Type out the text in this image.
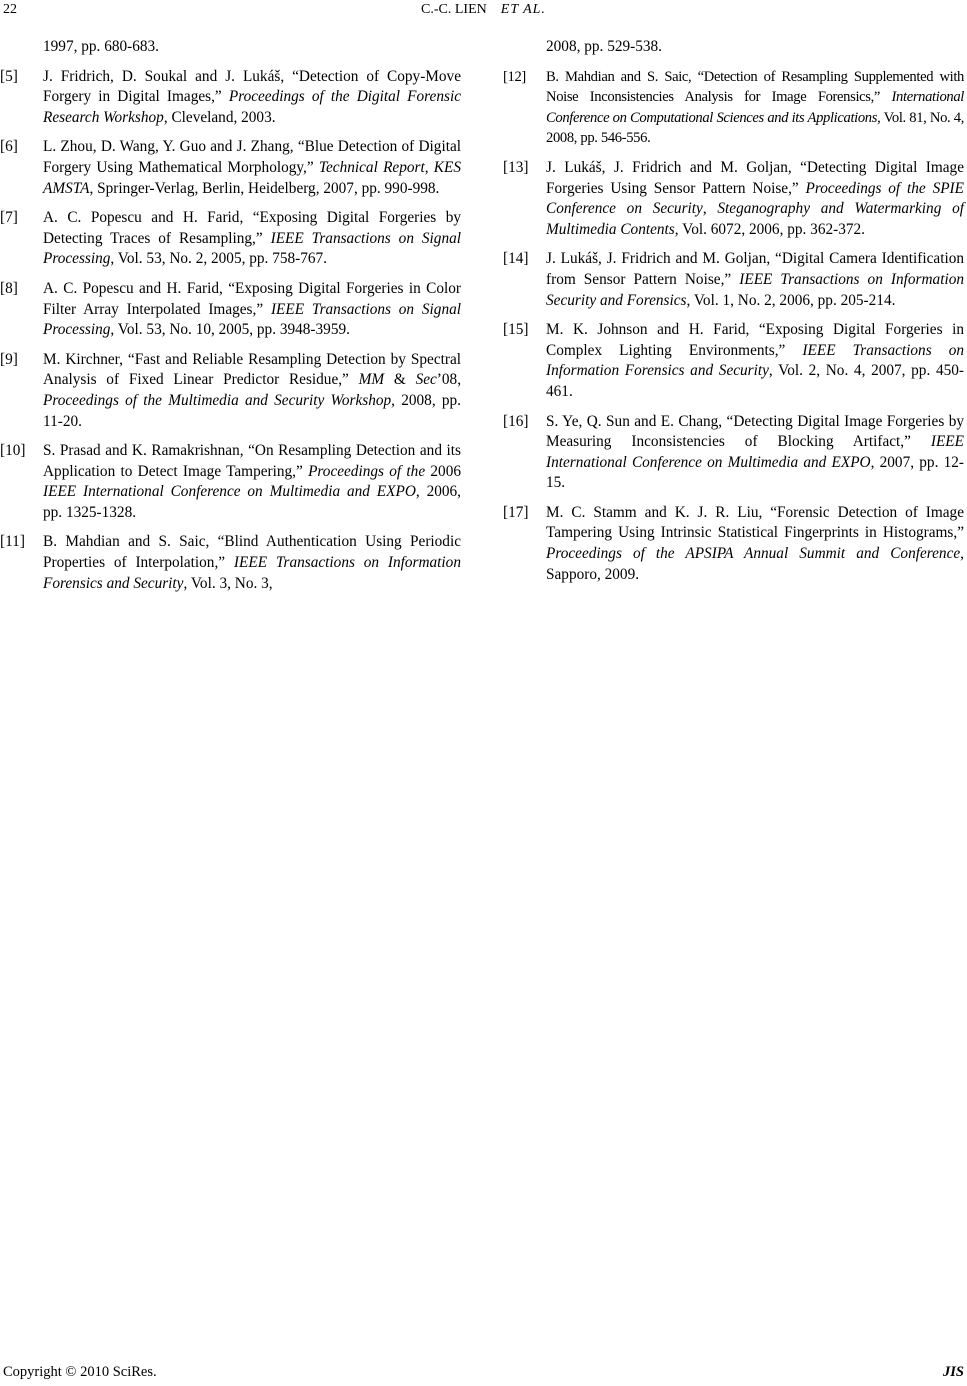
22	C.-C. LIEN ET AL.
1997, pp. 680-683.
[5] J. Fridrich, D. Soukal and J. Lukáš, “Detection of Copy-Move Forgery in Digital Images,” Proceedings of the Digital Forensic Research Workshop, Cleveland, 2003.
[6] L. Zhou, D. Wang, Y. Guo and J. Zhang, “Blue Detection of Digital Forgery Using Mathematical Morphology,” Technical Report, KES AMSTA, Springer-Verlag, Berlin, Heidelberg, 2007, pp. 990-998.
[7] A. C. Popescu and H. Farid, “Exposing Digital Forgeries by Detecting Traces of Resampling,” IEEE Transactions on Signal Processing, Vol. 53, No. 2, 2005, pp. 758-767.
[8] A. C. Popescu and H. Farid, “Exposing Digital Forgeries in Color Filter Array Interpolated Images,” IEEE Transactions on Signal Processing, Vol. 53, No. 10, 2005, pp. 3948-3959.
[9] M. Kirchner, “Fast and Reliable Resampling Detection by Spectral Analysis of Fixed Linear Predictor Residue,” MM & Sec’08, Proceedings of the Multimedia and Security Workshop, 2008, pp. 11-20.
[10] S. Prasad and K. Ramakrishnan, “On Resampling Detection and its Application to Detect Image Tampering,” Proceedings of the 2006 IEEE International Conference on Multimedia and EXPO, 2006, pp. 1325-1328.
[11] B. Mahdian and S. Saic, “Blind Authentication Using Periodic Properties of Interpolation,” IEEE Transactions on Information Forensics and Security, Vol. 3, No. 3,
2008, pp. 529-538.
[12] B. Mahdian and S. Saic, “Detection of Resampling Supplemented with Noise Inconsistencies Analysis for Image Forensics,” International Conference on Computational Sciences and its Applications, Vol. 81, No. 4, 2008, pp. 546-556.
[13] J. Lukáš, J. Fridrich and M. Goljan, “Detecting Digital Image Forgeries Using Sensor Pattern Noise,” Proceedings of the SPIE Conference on Security, Steganography and Watermarking of Multimedia Contents, Vol. 6072, 2006, pp. 362-372.
[14] J. Lukáš, J. Fridrich and M. Goljan, “Digital Camera Identification from Sensor Pattern Noise,” IEEE Transactions on Information Security and Forensics, Vol. 1, No. 2, 2006, pp. 205-214.
[15] M. K. Johnson and H. Farid, “Exposing Digital Forgeries in Complex Lighting Environments,” IEEE Transactions on Information Forensics and Security, Vol. 2, No. 4, 2007, pp. 450-461.
[16] S. Ye, Q. Sun and E. Chang, “Detecting Digital Image Forgeries by Measuring Inconsistencies of Blocking Artifact,” IEEE International Conference on Multimedia and EXPO, 2007, pp. 12-15.
[17] M. C. Stamm and K. J. R. Liu, “Forensic Detection of Image Tampering Using Intrinsic Statistical Fingerprints in Histograms,” Proceedings of the APSIPA Annual Summit and Conference, Sapporo, 2009.
Copyright © 2010 SciRes.	JIS
